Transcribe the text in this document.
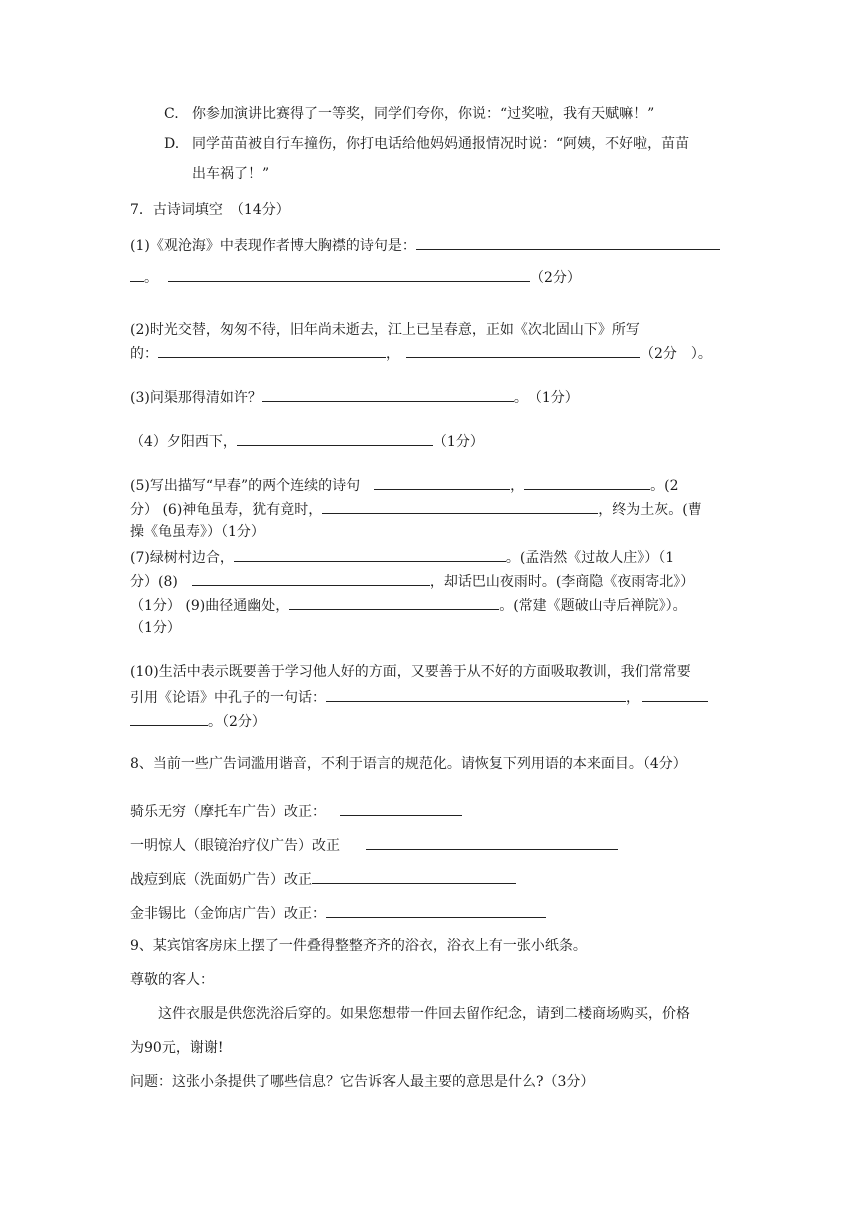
C. 你参加演讲比赛得了一等奖，同学们夸你，你说：“过奖啦，我有天赋嘛！”
D. 同学苗苗被自行车撞伤，你打电话给他妈妈通报情况时说：“阿姨，不好啦，苗苗
出车祸了！”
7．古诗词填空　（14分）
(1)《观沧海》中表现作者博大胸襟的诗句是：
。	（2分）
(2)时光交替，匆匆不待，旧年尚未逝去，江上已呈春意，正如《次北固山下》所写
的：	，	（2分　）。
(3)问渠那得清如许？	。　（1分）
（4）夕阳西下，	（1分）
(5)写出描写“早春”的两个连续的诗句	，	。(2
分） (6)神龟虽寿，犹有竟时，	，终为土灰。(曹
操《龟虽寿》）（1分）
(7)绿树村边合，	。(孟浩然《过故人庄》）（1
分）(8)	，却话巴山夜雨时。(李商隐《夜雨寄北》）
（1分） (9)曲径通幽处，	。(常建《题破山寺后禅院》）。
（1分）
(10)生活中表示既要善于学习他人好的方面，又要善于从不好的方面吸取教训，我们常常要
引用《论语》中孔子的一句话：	，
。（2分）
8、当前一些广告词滥用谐音，不利于语言的规范化。请恢复下列用语的本来面目。（4分）
骑乐无穷（摩托车广告）改正：
一明惊人（眼镜治疗仪广告）改正
战痘到底（洗面奶广告）改正
金非锡比（金饰店广告）改正：
9、某宾馆客房床上摆了一件叠得整整齐齐的浴衣，浴衣上有一张小纸条。
尊敬的客人：
这件衣服是供您洗浴后穿的。如果您想带一件回去留作纪念，请到二楼商场购买，价格
为90元，谢谢!
问题：这张小条提供了哪些信息？它告诉客人最主要的意思是什么?（3分）
